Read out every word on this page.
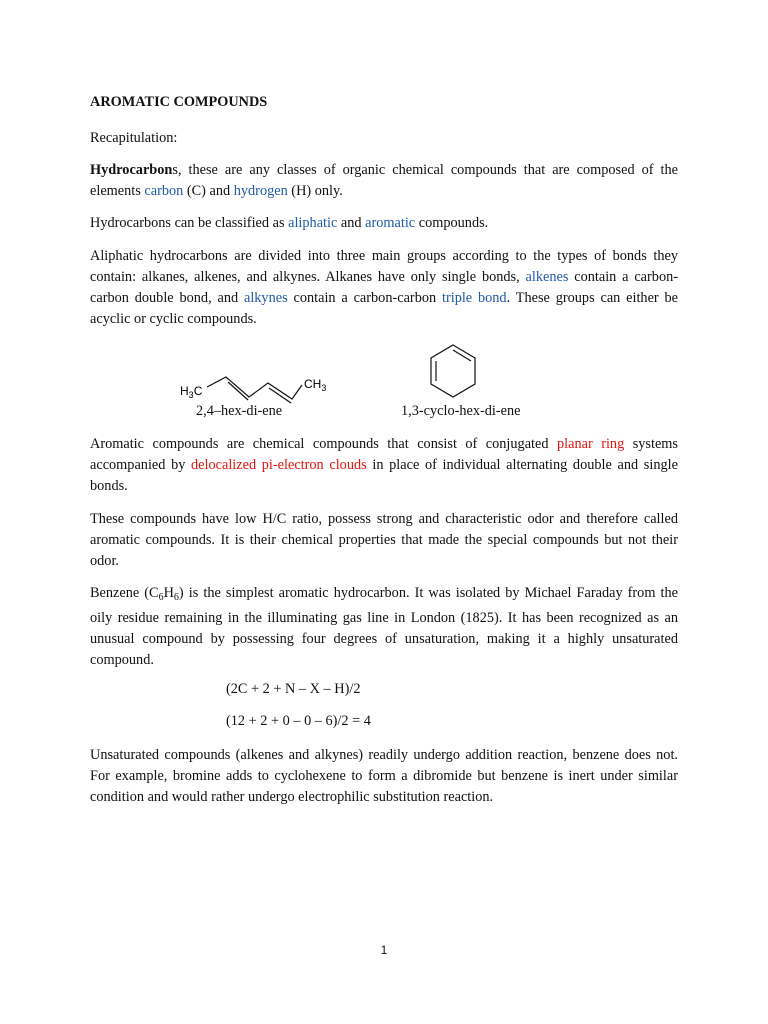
AROMATIC COMPOUNDS

Recapitulation:

Hydrocarbons, these are any classes of organic chemical compounds that are composed of the elements carbon (C) and hydrogen (H) only.

Hydrocarbons can be classified as aliphatic and aromatic compounds.

Aliphatic hydrocarbons are divided into three main groups according to the types of bonds they contain: alkanes, alkenes, and alkynes. Alkanes have only single bonds, alkenes contain a carbon-carbon double bond, and alkynes contain a carbon-carbon triple bond. These groups can either be acyclic or cyclic compounds.

2,4–hex-di-ene	1,3-cyclo-hex-di-ene

Aromatic compounds are chemical compounds that consist of conjugated planar ring systems accompanied by delocalized pi-electron clouds in place of individual alternating double and single bonds.

These compounds have low H/C ratio, possess strong and characteristic odor and therefore called aromatic compounds. It is their chemical properties that made the special compounds but not their odor.

Benzene $(C_6H_6)$ is the simplest aromatic hydrocarbon. It was isolated by Michael Faraday from the oily residue remaining in the illuminating gas line in London (1825). It has been recognized as an unusual compound by possessing four degrees of unsaturation, making it a highly unsaturated compound.

(2C + 2 + N – X – H)/2

(12 + 2 + 0 – 0 – 6)/2 = 4

Unsaturated compounds (alkenes and alkynes) readily undergo addition reaction, benzene does not. For example, bromine adds to cyclohexene to form a dibromide but benzene is inert under similar condition and would rather undergo electrophilic substitution reaction.

$H_3C$	$CH_3$
1
